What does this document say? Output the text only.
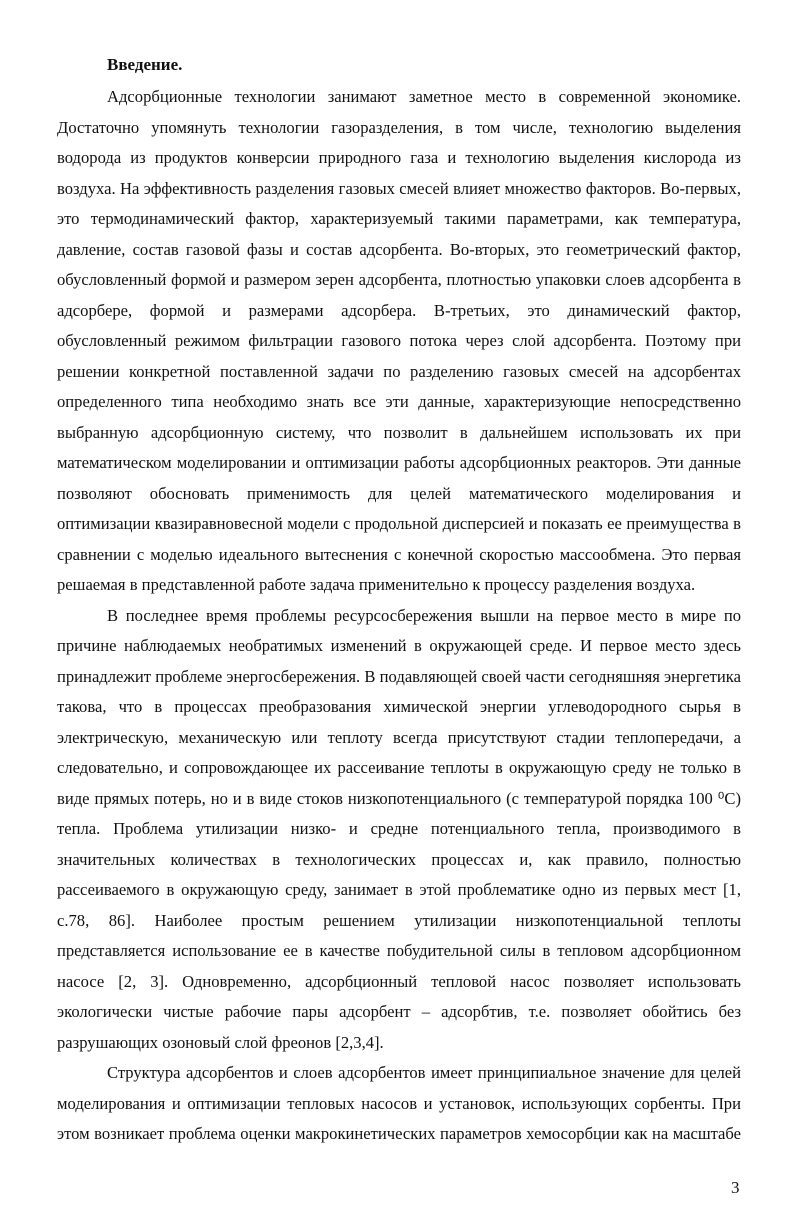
Введение.
Адсорбционные технологии занимают заметное место в современной экономике.
Достаточно упомянуть технологии газоразделения, в том числе, технологию выделения
водорода из продуктов конверсии природного газа и технологию выделения кислорода из
воздуха. На эффективность разделения газовых смесей влияет множество факторов. Во-первых,
это термодинамический фактор, характеризуемый такими параметрами, как температура,
давление, состав газовой фазы и состав адсорбента. Во-вторых, это геометрический фактор,
обусловленный формой и размером зерен адсорбента, плотностью упаковки слоев адсорбента в
адсорбере, формой и размерами адсорбера. В-третьих, это динамический фактор,
обусловленный режимом фильтрации газового потока через слой адсорбента. Поэтому при
решении конкретной поставленной задачи по разделению газовых смесей на адсорбентах
определенного типа необходимо знать все эти данные, характеризующие непосредственно
выбранную адсорбционную систему, что позволит в дальнейшем использовать их при
математическом моделировании и оптимизации работы адсорбционных реакторов. Эти данные
позволяют обосновать применимость для целей математического моделирования и
оптимизации квазиравновесной модели с продольной дисперсией и показать ее преимущества в
сравнении с моделью идеального вытеснения с конечной скоростью массообмена. Это первая
решаемая в представленной работе задача применительно к процессу разделения воздуха.
В последнее время проблемы ресурсосбережения вышли на первое место в мире по
причине наблюдаемых необратимых изменений в окружающей среде. И первое место здесь
принадлежит проблеме энергосбережения. В подавляющей своей части сегодняшняя энергетика
такова, что в процессах преобразования химической энергии углеводородного сырья в
электрическую, механическую или теплоту всегда присутствуют стадии теплопередачи, а
следовательно, и сопровождающее их рассеивание теплоты в окружающую среду не только в
виде прямых потерь, но и в виде стоков низкопотенциального (с температурой порядка 100 ⁰C)
тепла. Проблема утилизации низко- и средне потенциального тепла, производимого в
значительных количествах в технологических процессах и, как правило, полностью
рассеиваемого в окружающую среду, занимает в этой проблематике одно из первых мест [1,
с.78, 86]. Наиболее простым решением утилизации низкопотенциальной теплоты
представляется использование ее в качестве побудительной силы в тепловом адсорбционном
насосе [2, 3]. Одновременно, адсорбционный тепловой насос позволяет использовать
экологически чистые рабочие пары адсорбент – адсорбтив, т.е. позволяет обойтись без
разрушающих озоновый слой фреонов [2,3,4].
Структура адсорбентов и слоев адсорбентов имеет принципиальное значение для целей
моделирования и оптимизации тепловых насосов и установок, использующих сорбенты. При
этом возникает проблема оценки макрокинетических параметров хемосорбции как на масштабе
3
